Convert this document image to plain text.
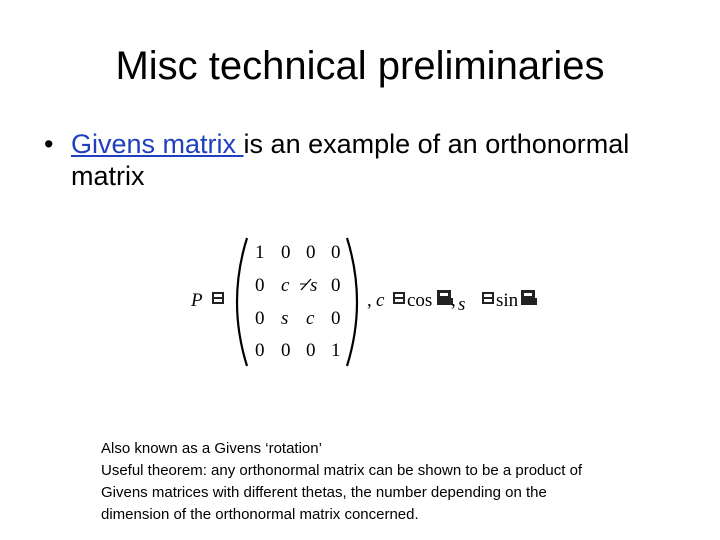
Misc technical preliminaries
• Givens matrix is an example of an orthonormal matrix
P
1 0 0 0
0 c s 0
0 s c 0
0 0 0 1
, c cos , s sin
Also known as a Givens ‘rotation’
Useful theorem: any orthonormal matrix can be shown to be a product of
Givens matrices with different thetas, the number depending on the
dimension of the orthonormal matrix concerned.
